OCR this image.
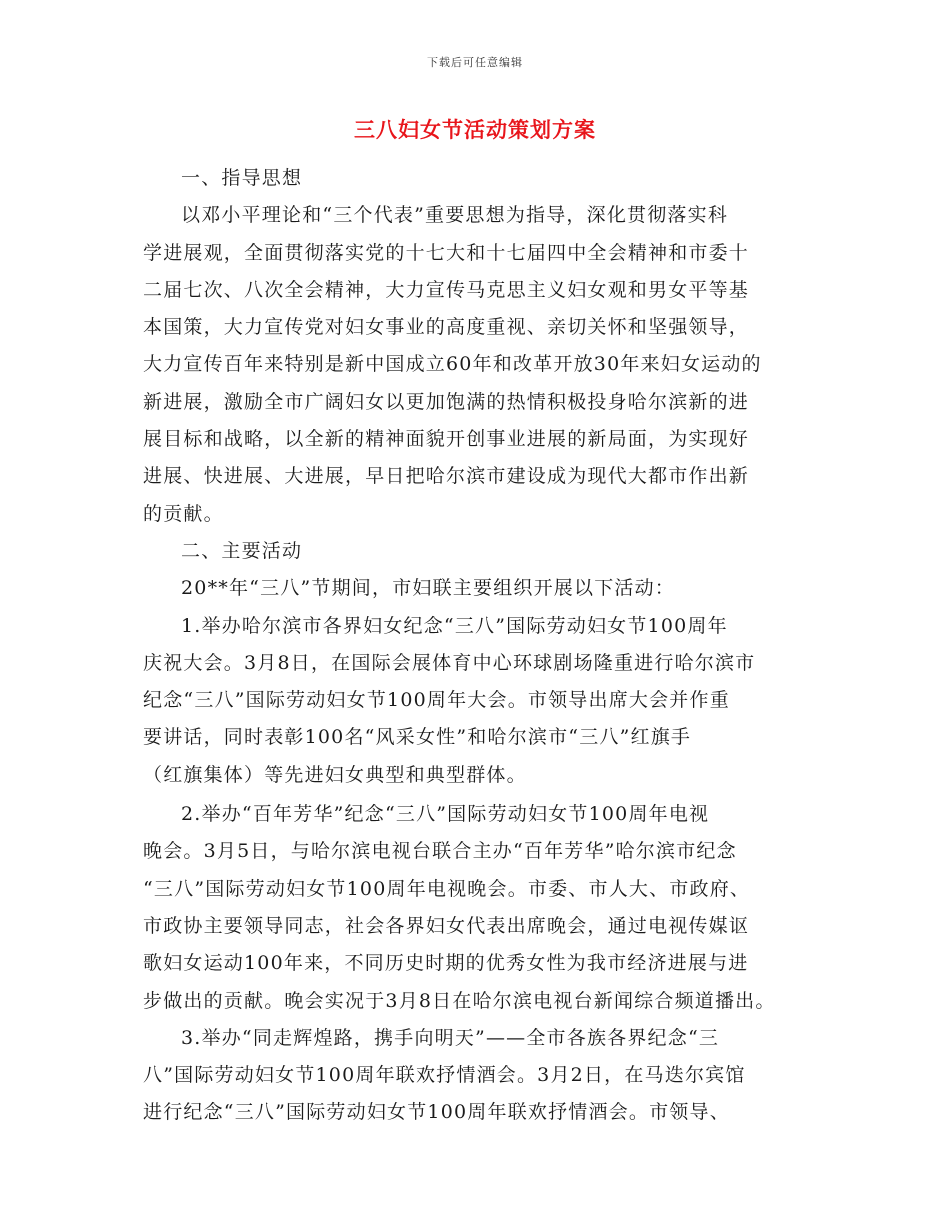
下载后可任意编辑
三八妇女节活动策划方案
一、指导思想
以邓小平理论和“三个代表”重要思想为指导，深化贯彻落实科
学进展观，全面贯彻落实党的十七大和十七届四中全会精神和市委十
二届七次、八次全会精神，大力宣传马克思主义妇女观和男女平等基
本国策，大力宣传党对妇女事业的高度重视、亲切关怀和坚强领导，
大力宣传百年来特别是新中国成立60年和改革开放30年来妇女运动的
新进展，激励全市广阔妇女以更加饱满的热情积极投身哈尔滨新的进
展目标和战略，以全新的精神面貌开创事业进展的新局面，为实现好
进展、快进展、大进展，早日把哈尔滨市建设成为现代大都市作出新
的贡献。
二、主要活动
20**年“三八”节期间，市妇联主要组织开展以下活动：
1.举办哈尔滨市各界妇女纪念“三八”国际劳动妇女节100周年
庆祝大会。3月8日，在国际会展体育中心环球剧场隆重进行哈尔滨市
纪念“三八”国际劳动妇女节100周年大会。市领导出席大会并作重
要讲话，同时表彰100名“风采女性”和哈尔滨市“三八”红旗手
（红旗集体）等先进妇女典型和典型群体。
2.举办“百年芳华”纪念“三八”国际劳动妇女节100周年电视
晚会。3月5日，与哈尔滨电视台联合主办“百年芳华”哈尔滨市纪念
“三八”国际劳动妇女节100周年电视晚会。市委、市人大、市政府、
市政协主要领导同志，社会各界妇女代表出席晚会，通过电视传媒讴
歌妇女运动100年来，不同历史时期的优秀女性为我市经济进展与进
步做出的贡献。晚会实况于3月8日在哈尔滨电视台新闻综合频道播出。
3.举办“同走辉煌路，携手向明天”——全市各族各界纪念“三
八”国际劳动妇女节100周年联欢抒情酒会。3月2日，在马迭尔宾馆
进行纪念“三八”国际劳动妇女节100周年联欢抒情酒会。市领导、
